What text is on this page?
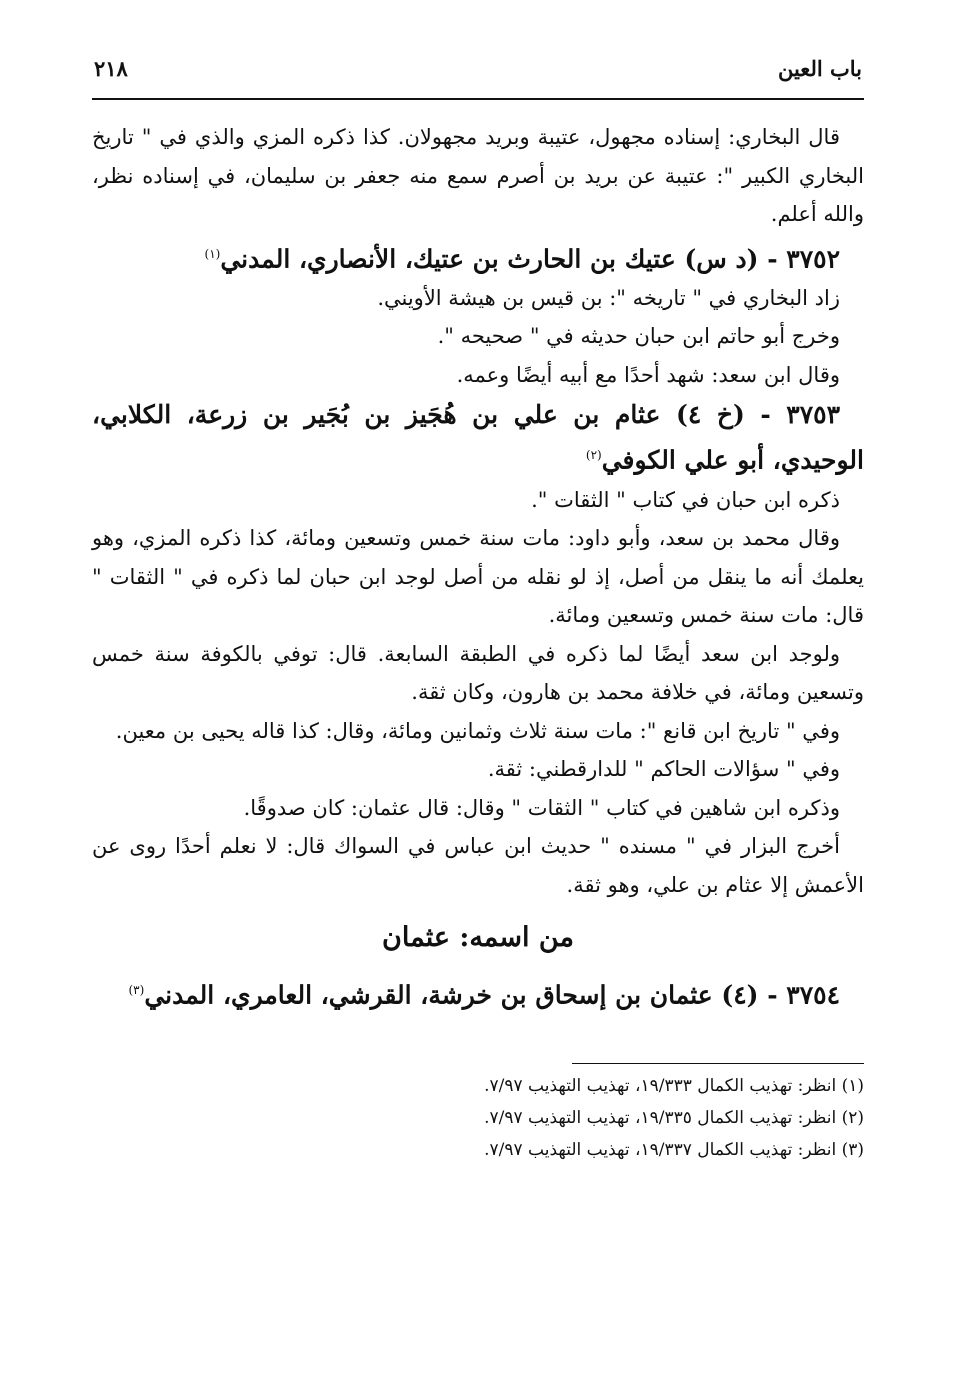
باب العين
٢١٨

قال البخاري: إسناده مجهول، عتيبة وبريد مجهولان. كذا ذكره المزي والذي في " تاريخ البخاري الكبير ": عتيبة عن بريد بن أصرم سمع منه جعفر بن سليمان، في إسناده نظر، والله أعلم.

٣٧٥٢ - (د س) عتيك بن الحارث بن عتيك، الأنصاري، المدني$^{(١)}$

زاد البخاري في " تاريخه ": بن قيس بن هيشة الأويني.

وخرج أبو حاتم ابن حبان حديثه في " صحيحه ".

وقال ابن سعد: شهد أحدًا مع أبيه أيضًا وعمه.

٣٧٥٣ - (خ ٤) عثام بن علي بن هُجَيز بن بُجَير بن زرعة، الكلابي، الوحيدي، أبو علي الكوفي$^{(٢)}$

ذكره ابن حبان في كتاب " الثقات ".

وقال محمد بن سعد، وأبو داود: مات سنة خمس وتسعين ومائة، كذا ذكره المزي، وهو يعلمك أنه ما ينقل من أصل، إذ لو نقله من أصل لوجد ابن حبان لما ذكره في " الثقات " قال: مات سنة خمس وتسعين ومائة.

ولوجد ابن سعد أيضًا لما ذكره في الطبقة السابعة. قال: توفي بالكوفة سنة خمس وتسعين ومائة، في خلافة محمد بن هارون، وكان ثقة.

وفي " تاريخ ابن قانع ": مات سنة ثلاث وثمانين ومائة، وقال: كذا قاله يحيى بن معين.

وفي " سؤالات الحاكم " للدارقطني: ثقة.

وذكره ابن شاهين في كتاب " الثقات " وقال: قال عثمان: كان صدوقًا.

أخرج البزار في " مسنده " حديث ابن عباس في السواك قال: لا نعلم أحدًا روى عن الأعمش إلا عثام بن علي، وهو ثقة.

من اسمه: عثمان

٣٧٥٤ - (٤) عثمان بن إسحاق بن خرشة، القرشي، العامري، المدني$^{(٣)}$

(١) انظر: تهذيب الكمال ١٩/٣٣٣، تهذيب التهذيب ٧/٩٧.

(٢) انظر: تهذيب الكمال ١٩/٣٣٥، تهذيب التهذيب ٧/٩٧.

(٣) انظر: تهذيب الكمال ١٩/٣٣٧، تهذيب التهذيب ٧/٩٧.
